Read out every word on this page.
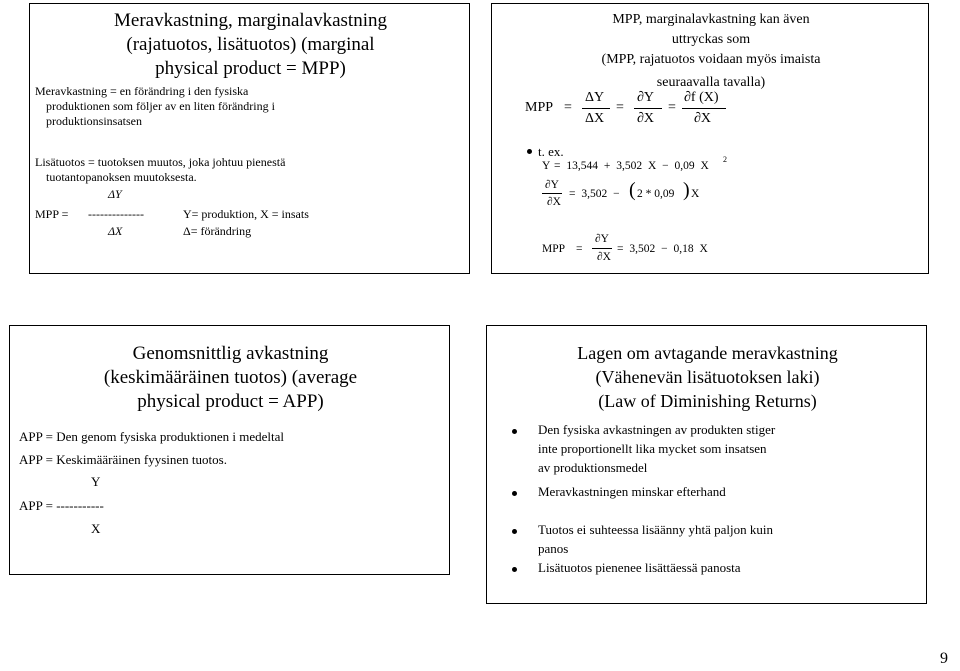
Meravkastning, marginalavkastning
(rajatuotos, lisätuotos) (marginal
physical product = MPP)
Meravkastning = en förändring i den fysiska
produktionen som följer av en liten förändring i
produktionsinsatsen
Lisätuotos = tuotoksen muutos, joka johtuu pienestä
tuotantopanoksen muutoksesta.
ΔY
MPP = --------------	Y= produktion, X = insats
ΔX	Δ= förändring
MPP, marginalavkastning kan även
uttryckas som
(MPP, rajatuotos voidaan myös imaista
seuraavalla tavalla)
MPP =
ΔY
ΔX
=
∂Y
∂X
=
∂f (X)
∂X
t. ex.
Y = 13,544 + 3,502 X − 0,09 X
2
∂Y
∂X
= 3,502 − ( 2 * 0,09 ) X
MPP =
∂Y
∂X
= 3,502 − 0,18 X
Genomsnittlig avkastning
(keskimääräinen tuotos) (average
physical product = APP)
APP = Den genom fysiska produktionen i medeltal
APP = Keskimääräinen fyysinen tuotos.
Y
APP = -----------
X
Lagen om avtagande meravkastning
(Vähenevän lisätuotoksen laki)
(Law of Diminishing Returns)
Den fysiska avkastningen av produkten stiger
inte proportionellt lika mycket som insatsen
av produktionsmedel
Meravkastningen minskar efterhand
Tuotos ei suhteessa lisäänny yhtä paljon kuin
panos
Lisätuotos pienenee lisättäessä panosta
9
